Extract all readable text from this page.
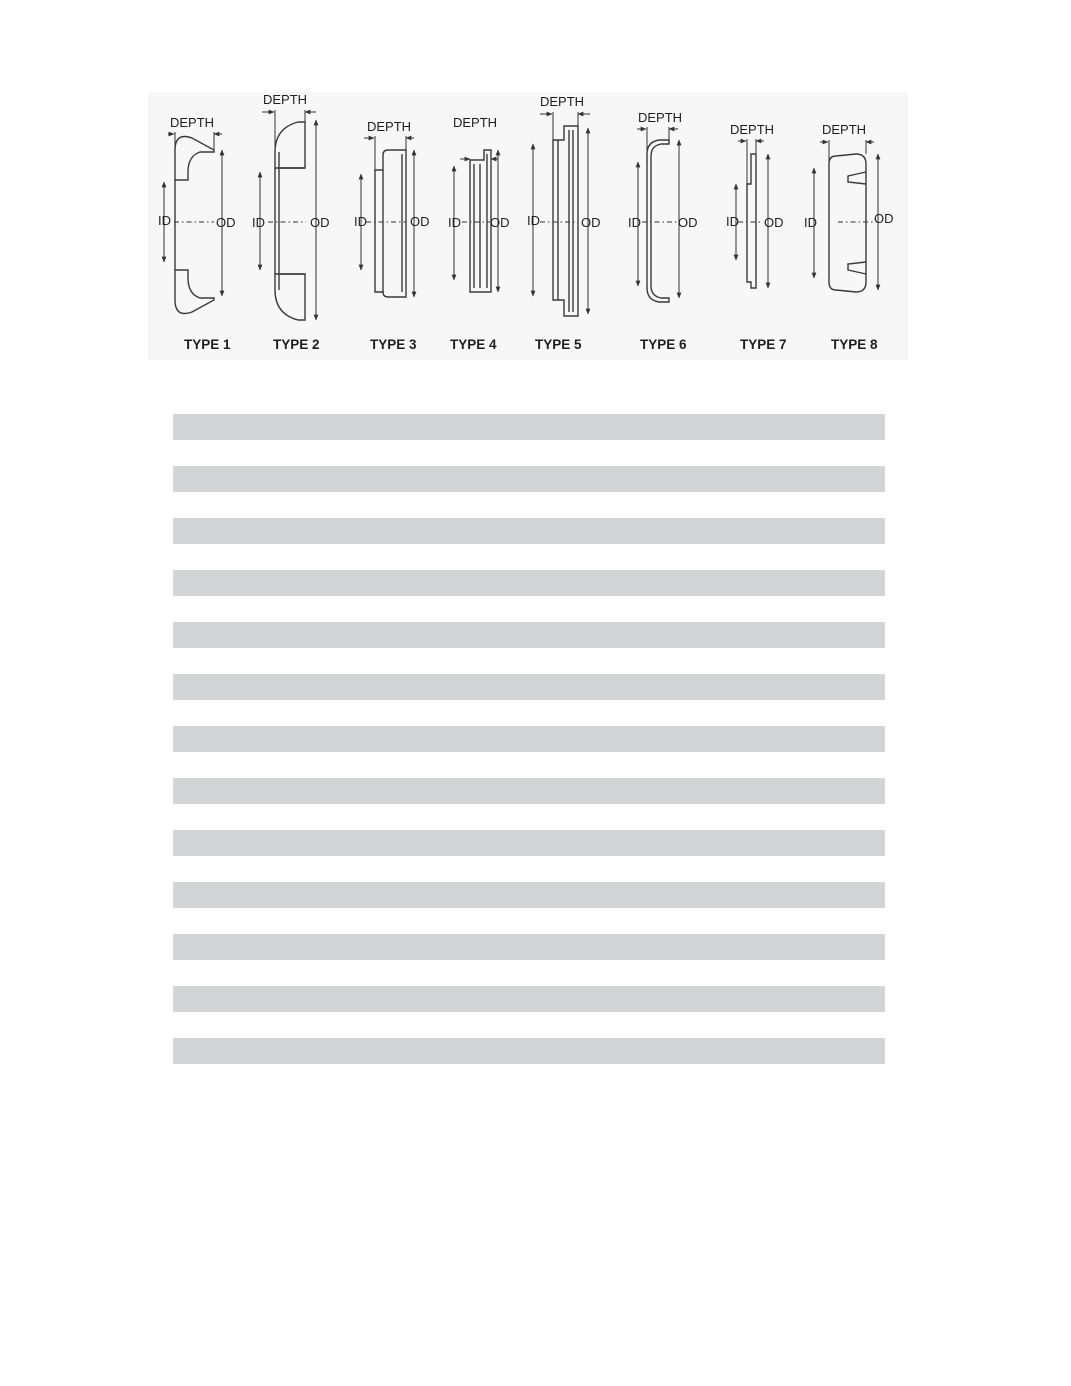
DEPTH
ID	OD
TYPE 1
DEPTH
ID	OD
TYPE 2
DEPTH
ID	OD
TYPE 3
DEPTH
ID OD
TYPE 4
DEPTH
ID	OD
TYPE 5
DEPTH
ID	OD
TYPE 6
DEPTH
ID OD
TYPE 7
DEPTH
ID	OD
TYPE 8
